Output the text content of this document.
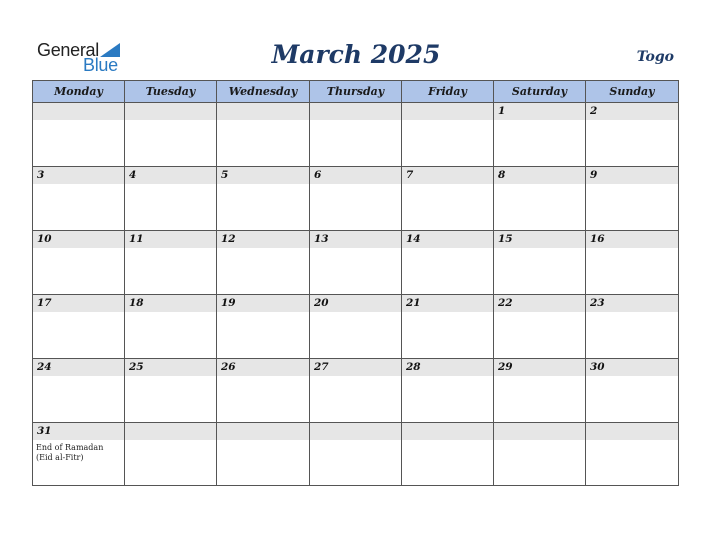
General
Blue	March 2025	Togo
Monday	Tuesday	Wednesday	Thursday	Friday	Saturday	Sunday

					1	2

3	4	5	6	7	8	9

10	11	12	13	14	15	16

17	18	19	20	21	22	23

24	25	26	27	28	29	30

31
End of Ramadan (Eid al-Fitr)						
